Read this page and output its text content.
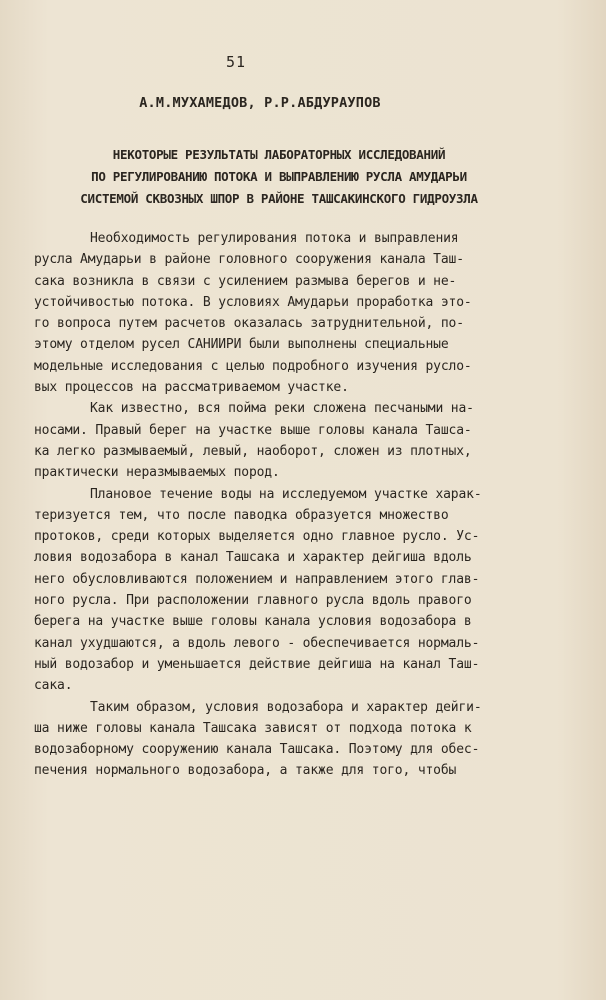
51
А.М.МУХАМЕДОВ, Р.Р.АБДУРАУПОВ
НЕКОТОРЫЕ РЕЗУЛЬТАТЫ ЛАБОРАТОРНЫХ ИССЛЕДОВАНИЙ
ПО РЕГУЛИРОВАНИЮ ПОТОКА И ВЫПРАВЛЕНИЮ РУСЛА АМУДАРЬИ
СИСТЕМОЙ СКВОЗНЫХ ШПОР В РАЙОНЕ ТАШСАКИНСКОГО ГИДРОУЗЛА
Необходимость регулирования потока и выправления
русла Амударьи в районе головного сооружения канала Таш-
сака возникла в связи с усилением размыва берегов и не-
устойчивостью потока. В условиях Амударьи проработка это-
го вопроса путем расчетов оказалась затруднительной, по-
этому отделом русел САНИИРИ были выполнены специальные
модельные исследования с целью подробного изучения руслo-
вых процессов на рассматриваемом участке.
Как известно, вся пойма реки сложена песчаными на-
носами. Правый берег на участке выше головы канала Ташса-
ка легко размываемый, левый, наоборот, сложен из плотных,
практически неразмываемых пород.
Плановое течение воды на исследуемом участке харак-
теризуется тем, что после паводка образуется множество
протоков, среди которых выделяется одно главное русло. Ус-
ловия водозабора в канал Ташсака и характер дейгиша вдоль
него обусловливаются положением и направлением этого глав-
ного русла. При расположении главного русла вдоль правого
берега на участке выше головы канала условия водозабора в
канал ухудшаются, а вдоль левого - обеспечивается нормаль-
ный водозабор и уменьшается действие дейгиша на канал Таш-
сака.
Таким образом, условия водозабора и характер дейги-
ша ниже головы канала Ташсака зависят от подхода потока к
водозаборному сооружению канала Ташсака. Поэтому для обес-
печения нормального водозабора, а также для того, чтобы
